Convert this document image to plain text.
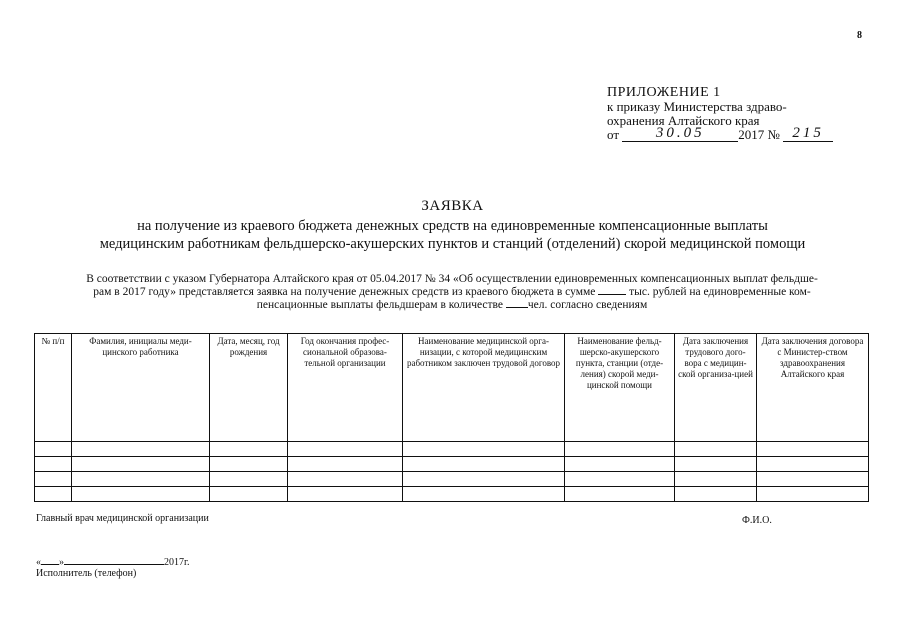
8
ПРИЛОЖЕНИЕ 1
к приказу Министерства здраво-
охранения Алтайского края
от 30.05	2017 № 215
ЗАЯВКА
на получение из краевого бюджета денежных средств на единовременные компенсационные выплаты
медицинским работникам фельдшерско-акушерских пунктов и станций (отделений) скорой медицинской помощи
В соответствии с указом Губернатора Алтайского края от 05.04.2017 № 34 «Об осуществлении единовременных компенсационных выплат фельдше-
рам в 2017 году» представляется заявка на получение денежных средств из краевого бюджета в сумме	тыс. рублей на единовременные ком-
пенсационные выплаты фельдшерам в количестве чел. согласно сведениям
№ п/п	Фамилия, инициалы меди-цинского работника	Дата, месяц, год рождения	Год окончания профес-сиональной образова-тельной организации	Наименование медицинской орга-низации, с которой медицинским работником заключен трудовой договор	Наименование фельд-шерско-акушерского пункта, станции (отде-ления) скорой меди-цинской помощи	Дата заключения трудового дого-вора с медицин-ской организа-цией	Дата заключения договора с Министер-ством здравоохранения Алтайского края

Главный врач медицинской организации	Ф.И.О.
« »	2017г.
Исполнитель (телефон)
